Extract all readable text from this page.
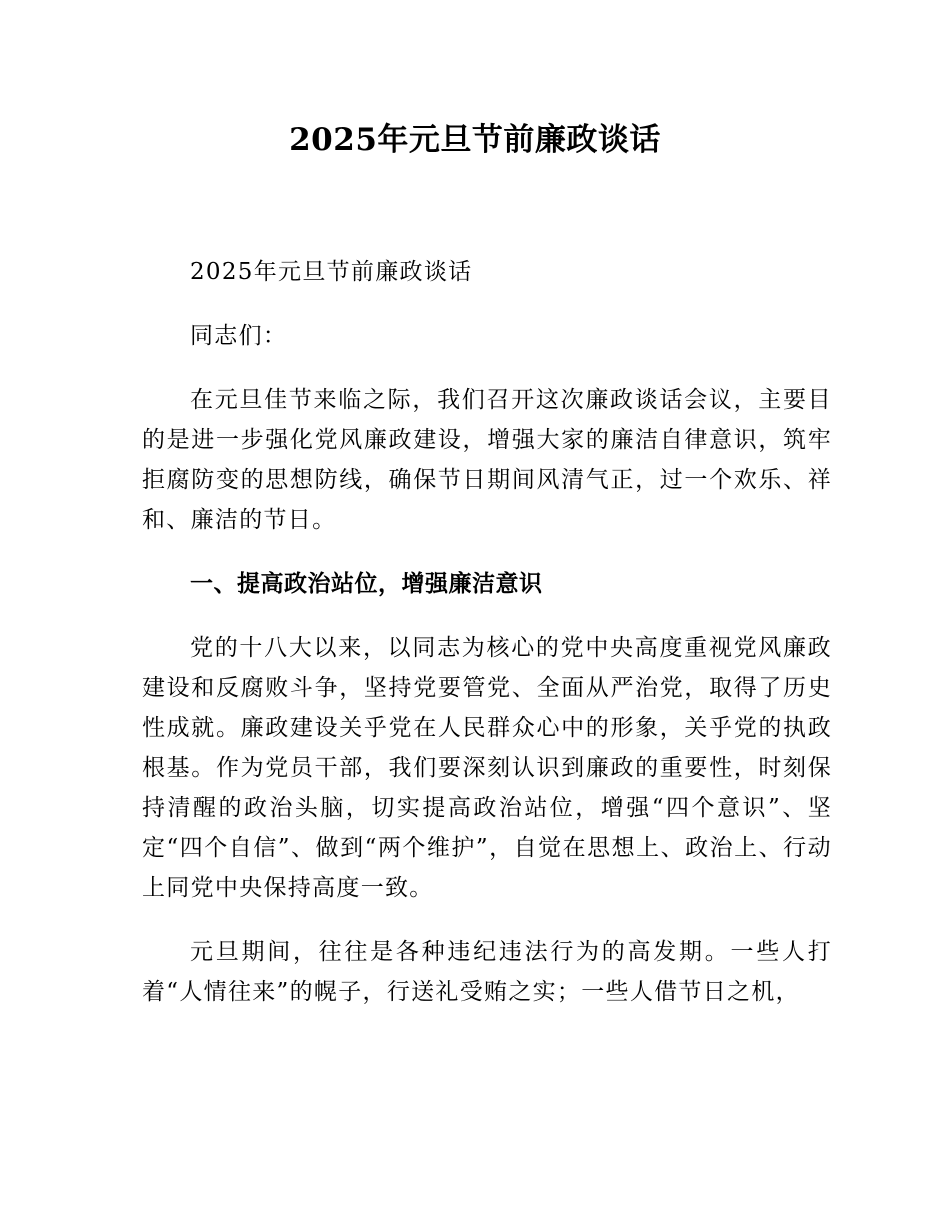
2025年元旦节前廉政谈话

2025年元旦节前廉政谈话

同志们：

在元旦佳节来临之际，我们召开这次廉政谈话会议，主要目的是进一步强化党风廉政建设，增强大家的廉洁自律意识，筑牢拒腐防变的思想防线，确保节日期间风清气正，过一个欢乐、祥和、廉洁的节日。

一、提高政治站位，增强廉洁意识

党的十八大以来，以同志为核心的党中央高度重视党风廉政建设和反腐败斗争，坚持党要管党、全面从严治党，取得了历史性成就。廉政建设关乎党在人民群众心中的形象，关乎党的执政根基。作为党员干部，我们要深刻认识到廉政的重要性，时刻保持清醒的政治头脑，切实提高政治站位，增强“四个意识”、坚定“四个自信”、做到“两个维护”，自觉在思想上、政治上、行动上同党中央保持高度一致。

元旦期间，往往是各种违纪违法行为的高发期。一些人打着“人情往来”的幌子，行送礼受贿之实；一些人借节日之机，
